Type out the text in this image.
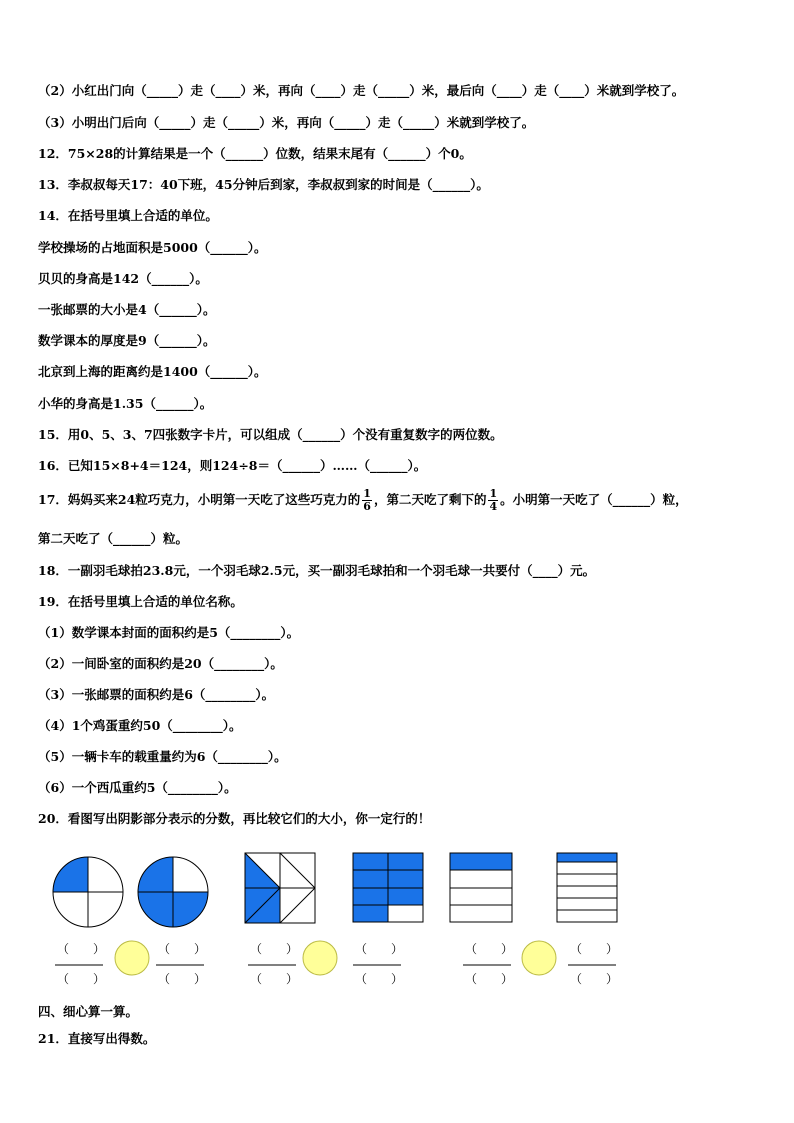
（2）小红出门向（_____）走（____）米，再向（____）走（_____）米，最后向（____）走（____）米就到学校了。
（3）小明出门后向（_____）走（_____）米，再向（_____）走（_____）米就到学校了。
12．75×28的计算结果是一个（______）位数，结果末尾有（______）个0。
13．李叔叔每天17：40下班，45分钟后到家，李叔叔到家的时间是（______）。
14．在括号里填上合适的单位。
学校操场的占地面积是5000（______）。
贝贝的身高是142（______）。
一张邮票的大小是4（______）。
数学课本的厚度是9（______）。
北京到上海的距离约是1400（______）。
小华的身高是1.35（______）。
15．用0、5、3、7四张数字卡片，可以组成（______）个没有重复数字的两位数。
16．已知15×8+4＝124，则124÷8＝（______）……（______）。
17．妈妈买来24粒巧克力，小明第一天吃了这些巧克力的 $\frac{1}{6}$ ，第二天吃了剩下的 $\frac{1}{4}$ 。小明第一天吃了（______）粒，
第二天吃了（______）粒。
18．一副羽毛球拍23.8元，一个羽毛球2.5元，买一副羽毛球拍和一个羽毛球一共要付（____）元。
19．在括号里填上合适的单位名称。
（1）数学课本封面的面积约是5（________）。
（2）一间卧室的面积约是20（________）。
（3）一张邮票的面积约是6（________）。
（4）1个鸡蛋重约50（________）。
（5）一辆卡车的载重量约为6（________）。
（6）一个西瓜重约5（________）。
20．看图写出阴影部分表示的分数，再比较它们的大小，你一定行的！
（　　）
（　　）
（　　）
（　　）
（　　）
（　　）
（　　）
（　　）
（　　）
（　　）
（　　）
（　　）
四、细心算一算。
21．直接写出得数。
